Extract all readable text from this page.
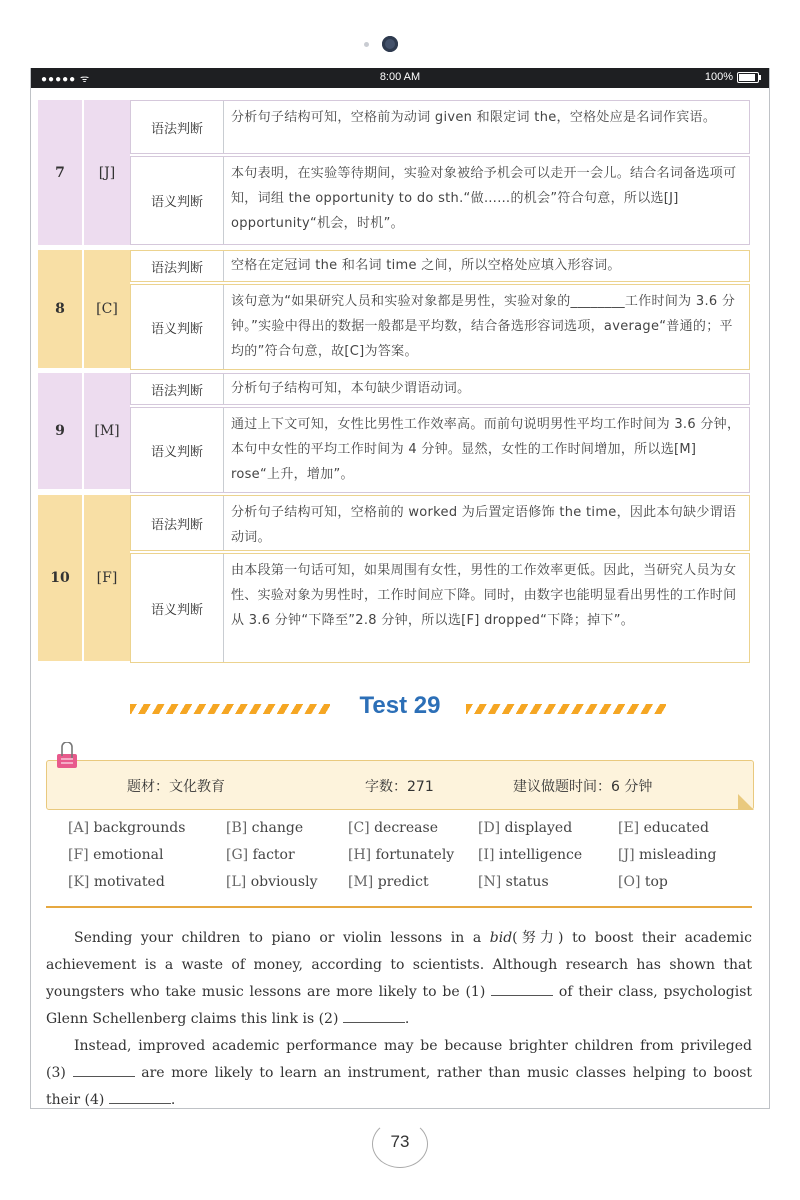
●●●●● ᯤ	8:00 AM	100%
7	[J]
语法判断
分析句子结构可知，空格前为动词 given 和限定词 the，空格处应是名词作宾语。
语义判断
本句表明，在实验等待期间，实验对象被给予机会可以走开一会儿。结合名词备选项可知，词组 the opportunity to do sth.“做……的机会”符合句意，所以选[J] opportunity“机会，时机”。
8	[C]
语法判断	空格在定冠词 the 和名词 time 之间，所以空格处应填入形容词。
语义判断
该句意为“如果研究人员和实验对象都是男性，实验对象的________工作时间为 3.6 分钟。”实验中得出的数据一般都是平均数，结合备选形容词选项，average“普通的；平均的”符合句意，故[C]为答案。
9	[M]
语法判断	分析句子结构可知，本句缺少谓语动词。
语义判断
通过上下文可知，女性比男性工作效率高。而前句说明男性平均工作时间为 3.6 分钟，本句中女性的平均工作时间为 4 分钟。显然，女性的工作时间增加，所以选[M] rose“上升，增加”。
10	[F]
语法判断
分析句子结构可知，空格前的 worked 为后置定语修饰 the time，因此本句缺少谓语动词。
语义判断
由本段第一句话可知，如果周围有女性，男性的工作效率更低。因此，当研究人员为女性、实验对象为男性时，工作时间应下降。同时，由数字也能明显看出男性的工作时间从 3.6 分钟“下降至”2.8 分钟，所以选[F] dropped“下降；掉下”。
Test 29
题材：文化教育	字数：271	建议做题时间：6 分钟
[A] backgrounds	[B] change	[C] decrease	[D] displayed	[E] educated
[F] emotional	[G] factor	[H] fortunately [I] intelligence	[J] misleading
[K] motivated	[L] obviously [M] predict	[N] status	[O] top

Sending your children to piano or violin lessons in a bid(努力) to boost their academic achievement is a waste of money, according to scientists. Although research has shown that youngsters who take music lessons are more likely to be (1)	of their class, psychologist Glenn Schellenberg claims this link is (2)	.

Instead, improved academic performance may be because brighter children from privileged (3)	are more likely to learn an instrument, rather than music classes helping to boost their (4)	.

73
